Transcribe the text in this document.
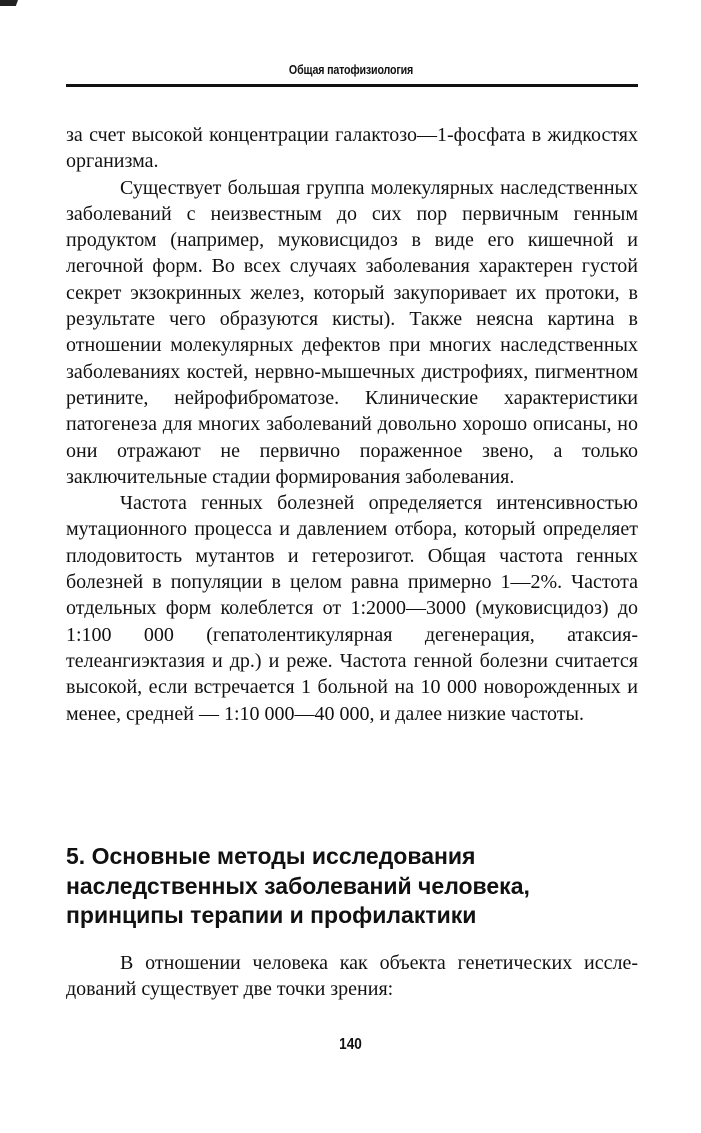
Общая патофизиология

за счет высокой концентрации галактозо—1-фосфата в жидкостях организма.

Существует большая группа молекулярных наследственных заболеваний с неизвестным до сих пор первичным генным продуктом (например, муковисцидоз в виде его кишечной и легочной форм. Во всех случаях заболевания характерен густой секрет экзокринных желез, который закупоривает их протоки, в результате чего образуются кисты). Также неясна картина в отношении молекулярных дефектов при многих наследственных заболеваниях костей, нервно-мышечных дистрофиях, пигментном ретините, нейрофиброматозе. Клинические характеристики патогенеза для многих заболеваний довольно хорошо описаны, но они отражают не первично пораженное звено, а только заключительные стадии формирования заболевания.

Частота генных болезней определяется интенсивностью мутационного процесса и давлением отбора, который определяет плодовитость мутантов и гетерозигот. Общая частота генных болезней в популяции в целом равна примерно 1—2%. Частота отдельных форм колеблется от 1:2000—3000 (муковисцидоз) до 1:100 000 (гепатолентикулярная дегенерация, атаксия-телеангиэктазия и др.) и реже. Частота генной болезни считается высокой, если встречается 1 больной на 10 000 новорожденных и менее, средней — 1:10 000—40 000, и далее низкие частоты.

5. Основные методы исследования наследственных заболеваний человека, принципы терапии и профилактики

В отношении человека как объекта генетических исследований существует две точки зрения:

140
